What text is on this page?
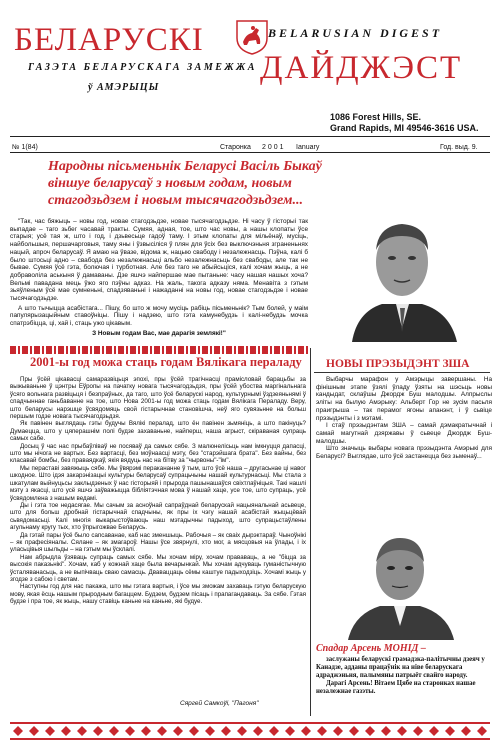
БЕЛАРУСКІ	BELARUSIAN DIGEST
ДАЙДЖЭСТ
ГАЗЭТА БЕЛАРУСКАГА ЗАМЕЖЖА
ў АМЭРЫЦЫ
1086 Forest Hills, SE.
Grand Rapids, MI 49546-3616 USA.
№ 1(84)	Старонка 2001 Ianuary	Год. выд. 9.
Народны пісьменьнік Беларусі Васіль Быкаў
віншуе беларусаў з новым годам, новым
стагодзьдзем і новым тысячагодзьдзем...

"Так, час бяжыць – новы год, новае стагодзьдзе, новае тысячагодзьдзе. Ні часу ў гісторыі так выпадае – таго зьбег часавай тракты. Сумяя, адная, тое, што час новы, а нашы клопаты ўсе старыя; усё тая ж, што і год, і дзьвесьце гадоў таму. І этым клопаты для мільёнаў, мусіць, найбольшыя, першачарговыя, таму яны і ўзвысіліся ў плян для ўсіх без выключэньня зграненьнях нацый, апроч беларусаў. Я амаю на ўвазе, відома ж, нацыю свабоду і незалежнасць. Пэўна, калі б было штосьці адно – свабода без незалежнасьці альбо незалежнасьць без свабоды, але так не бывае. Сумяя ўсё гэта, болючая і турботная. Але без таго не абыйсьціся, калі хочам жыць, а не добраволіла аськыня ў дамаваны. Дзе яшчэ найпершае мае пытаньне: часу нашая нашых хоча? Вельмі павадана мець ўжо яго пэўны адказ. На жаль, такога адказу няма. Менавіта з гэтым зьяўленым ўсё мае сумненьні, спадзяваньні і нажаданні на новы год, новае стагодзьдзе і новае тысячагодзьдзе.

А што тычыцца асабістага... Пішу, бо што ж мочу мусіць рабіць пісьменьнік? Тым болей, у маім папулярызацыйным ставоўніцы. Пішу і надзею, што гэта камунебудзь і калі-небудзь мочка спатрэбіцца, ці, хай і, стаць ужо цікавым.

З Новым годам Вас, мае дарагія землякі!"

2001-ы год можа стаць годам Вялікага пераладу

Пры ўсёй цікавасці самаразвіцьця эпохі, пры ўсёй трагічнасці прамісловай барацьбы за выжываньне ў цэнтры Еўропы на пачатку новага тысячагодзьдзя, пры ўсёй убоства маргінальнага ўсяго вольнага развіцьця і безпраўных, да таго, што ўсё беларускі народ, культурнымі ўздзеяньнямі ў спадчыннае ганьбаванне на тое, што Нова 2001-ы год можа стаць годам Вялікага Пераладу. Веру, што беларусы нарэшце ўсвядомяць свой гістарычнае становішча, неў яго сувязьнне на больш першым годзе новага тысячагодзьдзя.

Як павінен выглядаць гэты будучы Вялікі пералад, што ён павінен зьмяніць, а што пакінуць? Думаецца, што у цяперашнім полі будзе захаваньне, найперш, наша агрыст, скіраваная супраць самых сабе.

Досыц ў час нас прыбаўліваў не посяваў да самых сябе. З малюнелісьць нам імкнуцця дапасці, што мы нічога не вартых. Без вартасці, без моўнаасці мэту, без "старэйшага брата". Без вайны, без класавай бомбы, без праваядкаў, якія вядуць нас на бітву за "чырвоны"-"ім".

Мы пераставі завяжыць сябе. Мы ўвярэмі перакананне ў тым, што ўсё наша – другасьнае ці навог шкодное. Што ідэя закарэнізацыі культуры беларусаў супрацьчыны нашай культурнасьці. Мы стала з шкатулам выйнуцьсы заклыдзеных ў нас гісторыяй і прырода пашынашаўся свіхтлаўніцыя. Такі нашлі мэту з якасці, што усё яшчэ заўважыцца бібліятэчная мова ў нашай хаце, усе тое, што супраць, усё ўсвядомлена з нашым ведамі.

Ды і гэта тое недасягае. Мы сачым за асноўнай сапраўднай беларускай нацыянальнай асьвеце, што для больш дробнай гістарычнай спадчыны, як пры іх чэгу нашай асабістай жыцьцёвай сьвядомасьці. Калі многія выкарыстоўваюць наш мэтадычны падыход, што супрацьстаўлены агульнаму кругу тых, хто ўпрыгожвае Беларусь.

Да гэтай пары ўсё было сапсаванае, каб нас зменшыць. Рабочыя – як сваіх дырэктараў. Чыноўнікі – як прафесіяналы. Сялане – як змагароў. Нашы ўсе звярнулі, хто мог, а мясцовыя на ўлады, і іх уласьцівыя шыльды – на гэтым мы ўсклалі.

Нам абрыдла ўзяваць супраць самых сябе. Мы хочам міру, хочам прававаць, а не "біцца за высокія паказьнікі". Хочам, каб у кожнай хаце была вечарынкай. Мы хочам адчуваць гуманістычную ўсталяванасьць, а не выпічваць сваю самасць. Дваваццаць сёмы каштуе падыходзіць. Хочамі жыць у згодзе з сабою і светам.

Наступны год для нас пакажа, што мы гэтага вартыя, і ўсе мы зможам захаваць гэтую беларускую мову, якая ёсць нашым прыродным багаццем. Будзем, будзем пісаць і прапагандаваць. За сябе. Гэтая будзе і пра тое, як жыць, нашу ставіць каньне на каньне, які будуе.

Сяргей Самкоўі, "Пагоня"
НОВЫ ПРЭЗЫДЭНТ ЗША

Выбарчы марафон у Амэрыцы завершаны. На фінішным этапе ўзялі ўладу ўзяты на шэсьць новы кандыдат, склаўшы Джордж Буш малодшы. Алпрыслы эліты на былую Амэрыку: Альберт Гор не зусім пасьля праигрыша – так перамог ягоны апанэнт, і ў сьвіце прэзыдэнты і з мэтамі.

І стаў прэзыдэнтам ЗША – самай дэмакратычнай і самай магутнай дзяржавы ў сьвеце Джордж Буш-малодшы.

Што значыць выбары новага прэзыдэнта Амэрыкі для Беларусі? Выглядае, што ўсё застанецца без зьменаў...

Спадар Арсень МОНІД –

заслужаны беларускі грамадзка-палітычны дзеяч у Канадзе, адданы працаўнік на ніве беларускага адраджэньня, палымяны патрыёт свайго народу.

Дарагі Арсень! Вітаем Цябе на старонках нашае незалежнае газэты.
